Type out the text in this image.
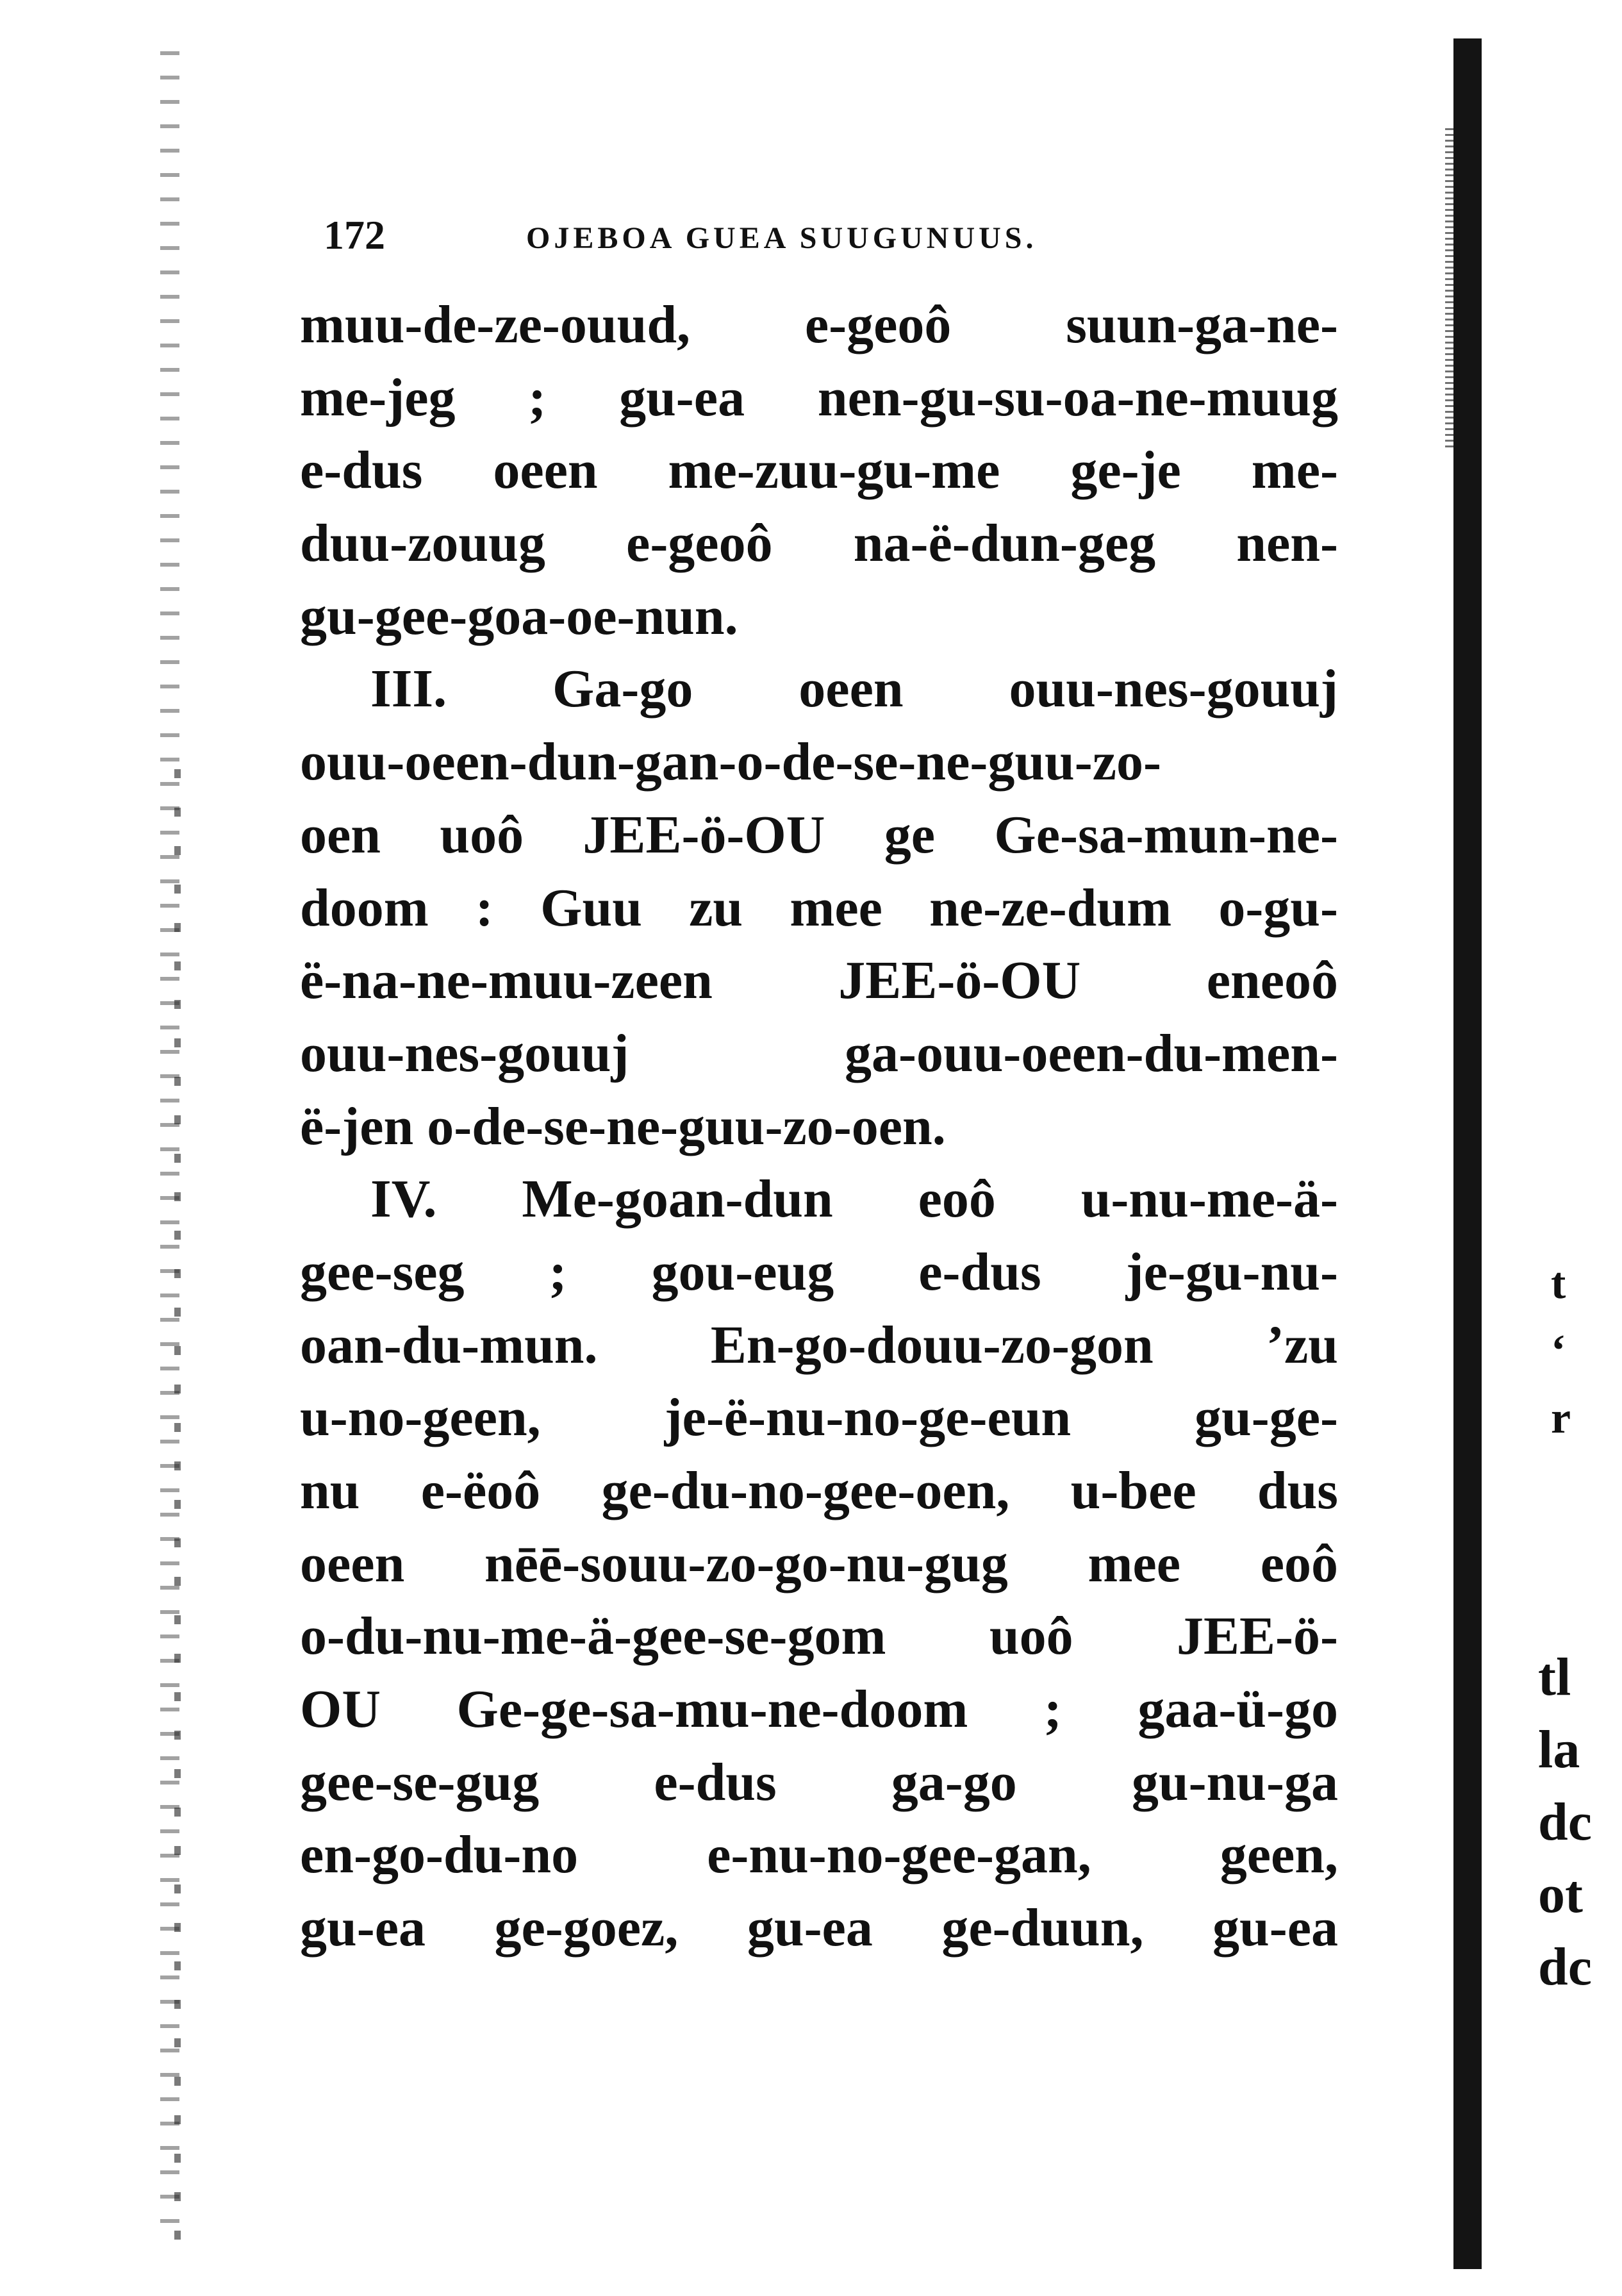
172	OJEBOA GUEA SUUGUNUUS.
muu-de-ze-ouud, e-geoô suun-ga-ne-
me-jeg ; gu-ea nen-gu-su-oa-ne-muug
e-dus oeen me-zuu-gu-me ge-je me-
duu-zouug e-geoô na-ë-dun-geg nen-
gu-gee-goa-oe-nun.
III. Ga-go oeen ouu-nes-gouuj
ouu-oeen-dun-gan-o-de-se-ne-guu-zo-
oen uoô JEE-ö-OU ge Ge-sa-mun-ne-
doom : Guu zu mee ne-ze-dum o-gu-
ë-na-ne-muu-zeen JEE-ö-OU eneoô
ouu-nes-gouuj ga-ouu-oeen-du-men-
ë-jen o-de-se-ne-guu-zo-oen.
IV. Me-goan-dun eoô u-nu-me-ä-
gee-seg ; gou-eug e-dus je-gu-nu-
oan-du-mun. En-go-douu-zo-gon ’zu
u-no-geen, je-ë-nu-no-ge-eun gu-ge-
nu e-ëoô ge-du-no-gee-oen, u-bee dus
oeen nēē-souu-zo-go-nu-gug mee eoô
o-du-nu-me-ä-gee-se-gom uoô JEE-ö-
OU Ge-ge-sa-mu-ne-doom ; gaa-ü-go
gee-se-gug e-dus ga-go gu-nu-ga
en-go-du-no e-nu-no-gee-gan, geen,
gu-ea ge-goez, gu-ea ge-duun, gu-ea
t
‘
r
tl
la
dc
ot
dc
